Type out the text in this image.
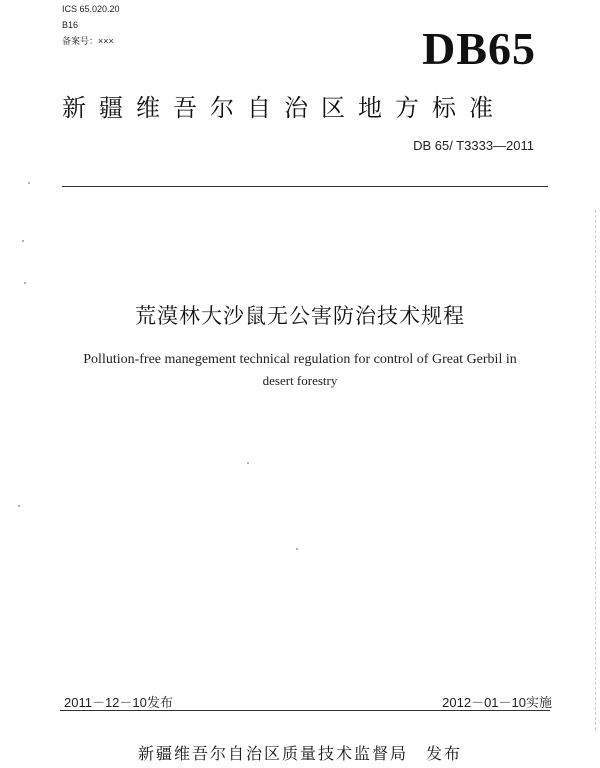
ICS 65.020.20
B16
备案号：×××	DB65
新疆维吾尔自治区地方标准
DB 65/ T3333—2011
荒漠林大沙鼠无公害防治技术规程
Pollution-free manegement technical regulation for control of Great Gerbil in
desert forestry
2011－12－10发布	2012－01－10实施
新疆维吾尔自治区质量技术监督局　发布
